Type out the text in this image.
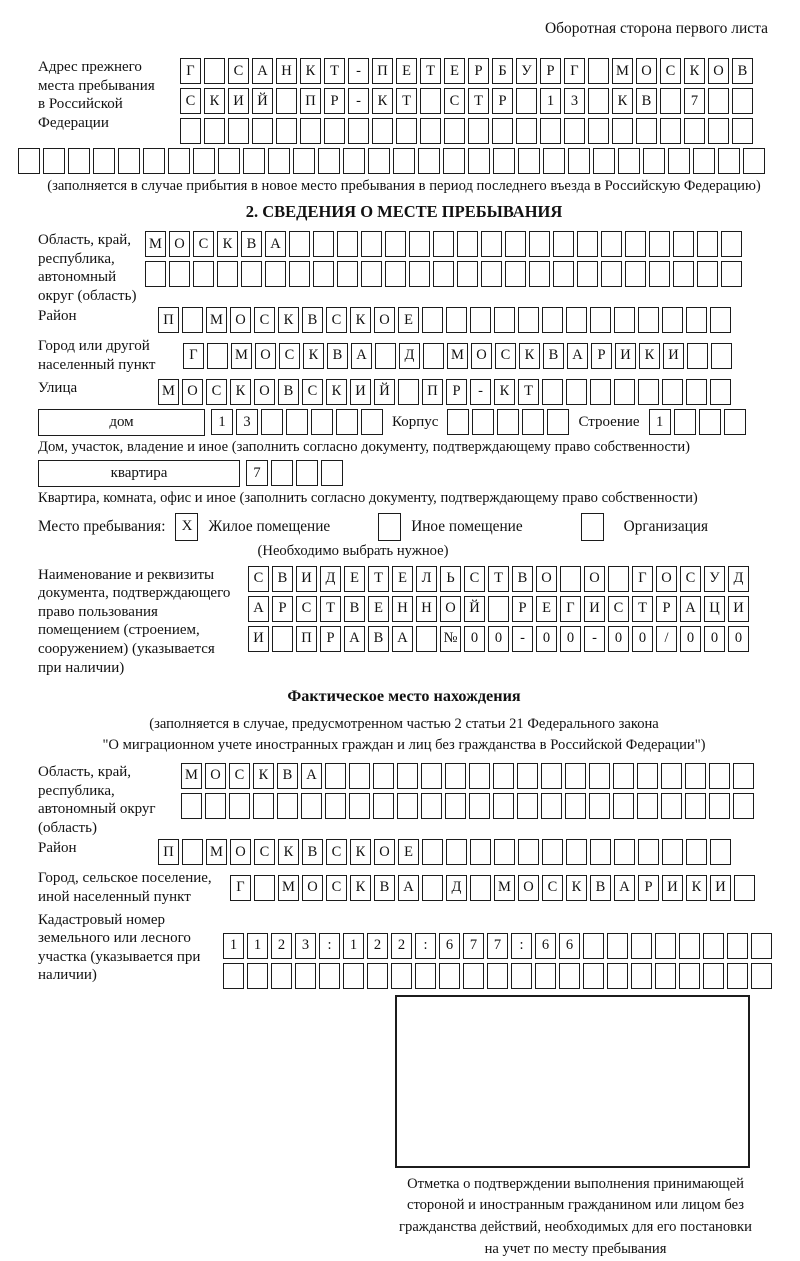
Оборотная сторона первого листа
Адрес прежнего места пребывания в Российской Федерации
Г	С А Н К	Т	-	П Е	Т	Е	Р	Б	У	Р	Г	М О С К О В
С К И Й	П	Р	-	К	Т	С	Т	Р	1	3	К В	7
(заполняется в случае прибытия в новое место пребывания в период последнего въезда в Российскую Федерацию)
2. СВЕДЕНИЯ О МЕСТЕ ПРЕБЫВАНИЯ
Область, край, республика, автономный округ (область)
М О С К В А
Район	П	М О С К В С К О Е
Город или другой населенный пункт
Г	М О С К В А	Д	М О С К В А	Р	И К И
Улица	М О С К О В С К И Й	П	Р	-	К	Т
дом	1	3	Корпус	Строение	1
Дом, участок, владение и иное (заполнить согласно документу, подтверждающему право собственности)
квартира	7
Квартира, комната, офис и иное (заполнить согласно документу, подтверждающему право собственности)
Место пребывания:	X	Жилое помещение	Иное помещение	Организация
(Необходимо выбрать нужное)
Наименование и реквизиты документа, подтверждающего право пользования помещением (строением, сооружением) (указывается при наличии)
С В И Д	Е	Т	Е	Л	Ь	С	Т	В О	О	Г	О С У Д
А	Р	С	Т	В	Е Н Н О Й	Р	Е	Г	И С	Т	Р	А Ц И
И	П	Р	А В А	№ 0	0	-	0	0	-	0	0	/	0	0	0
Фактическое место нахождения
(заполняется в случае, предусмотренном частью 2 статьи 21 Федерального закона
"О миграционном учете иностранных граждан и лиц без гражданства в Российской Федерации")
Область, край, республика, автономный округ (область)
М О С К В А
Район	П	М О С К В С К О Е
Город, сельское поселение, иной населенный пункт
Г	М О С К В А	Д	М О С К В А	Р	И К И
Кадастровый номер земельного или лесного участка (указывается при наличии)
1	1	2	3	:	1	2	2	:	6	7	7	:	6	6
Отметка о подтверждении выполнения принимающей
стороной и иностранным гражданином или лицом без
гражданства действий, необходимых для его постановки
на учет по месту пребывания
